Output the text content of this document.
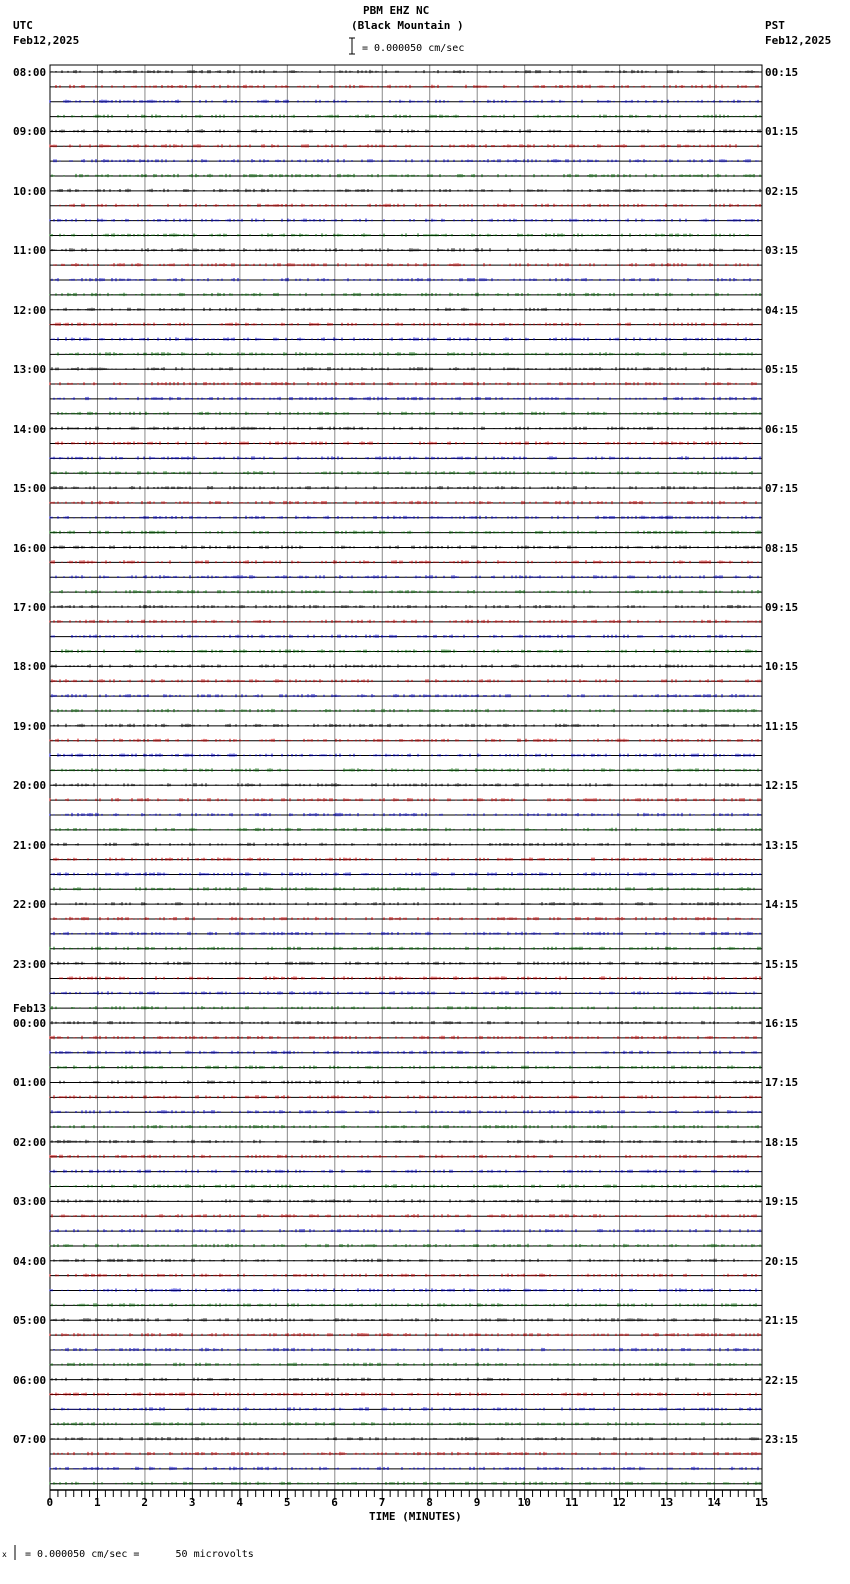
PBM EHZ NC
(Black Mountain )
UTC
Feb12,2025
PST
Feb12,2025
= 0.000050 cm/sec
x = 0.000050 cm/sec =      50 microvolts
TIME (MINUTES)
0	1	2	3	4	5	6	7	8	9	10	11	12	13	14	15
08:00	00:15
09:00	01:15
10:00	02:15
11:00	03:15
12:00	04:15
13:00	05:15
14:00	06:15
15:00	07:15
16:00	08:15
17:00	09:15
18:00	10:15
19:00	11:15
20:00	12:15
21:00	13:15
22:00	14:15
23:00	15:15
00:00
Feb13
16:15
01:00	17:15
02:00	18:15
03:00	19:15
04:00	20:15
05:00	21:15
06:00	22:15
07:00	23:15
